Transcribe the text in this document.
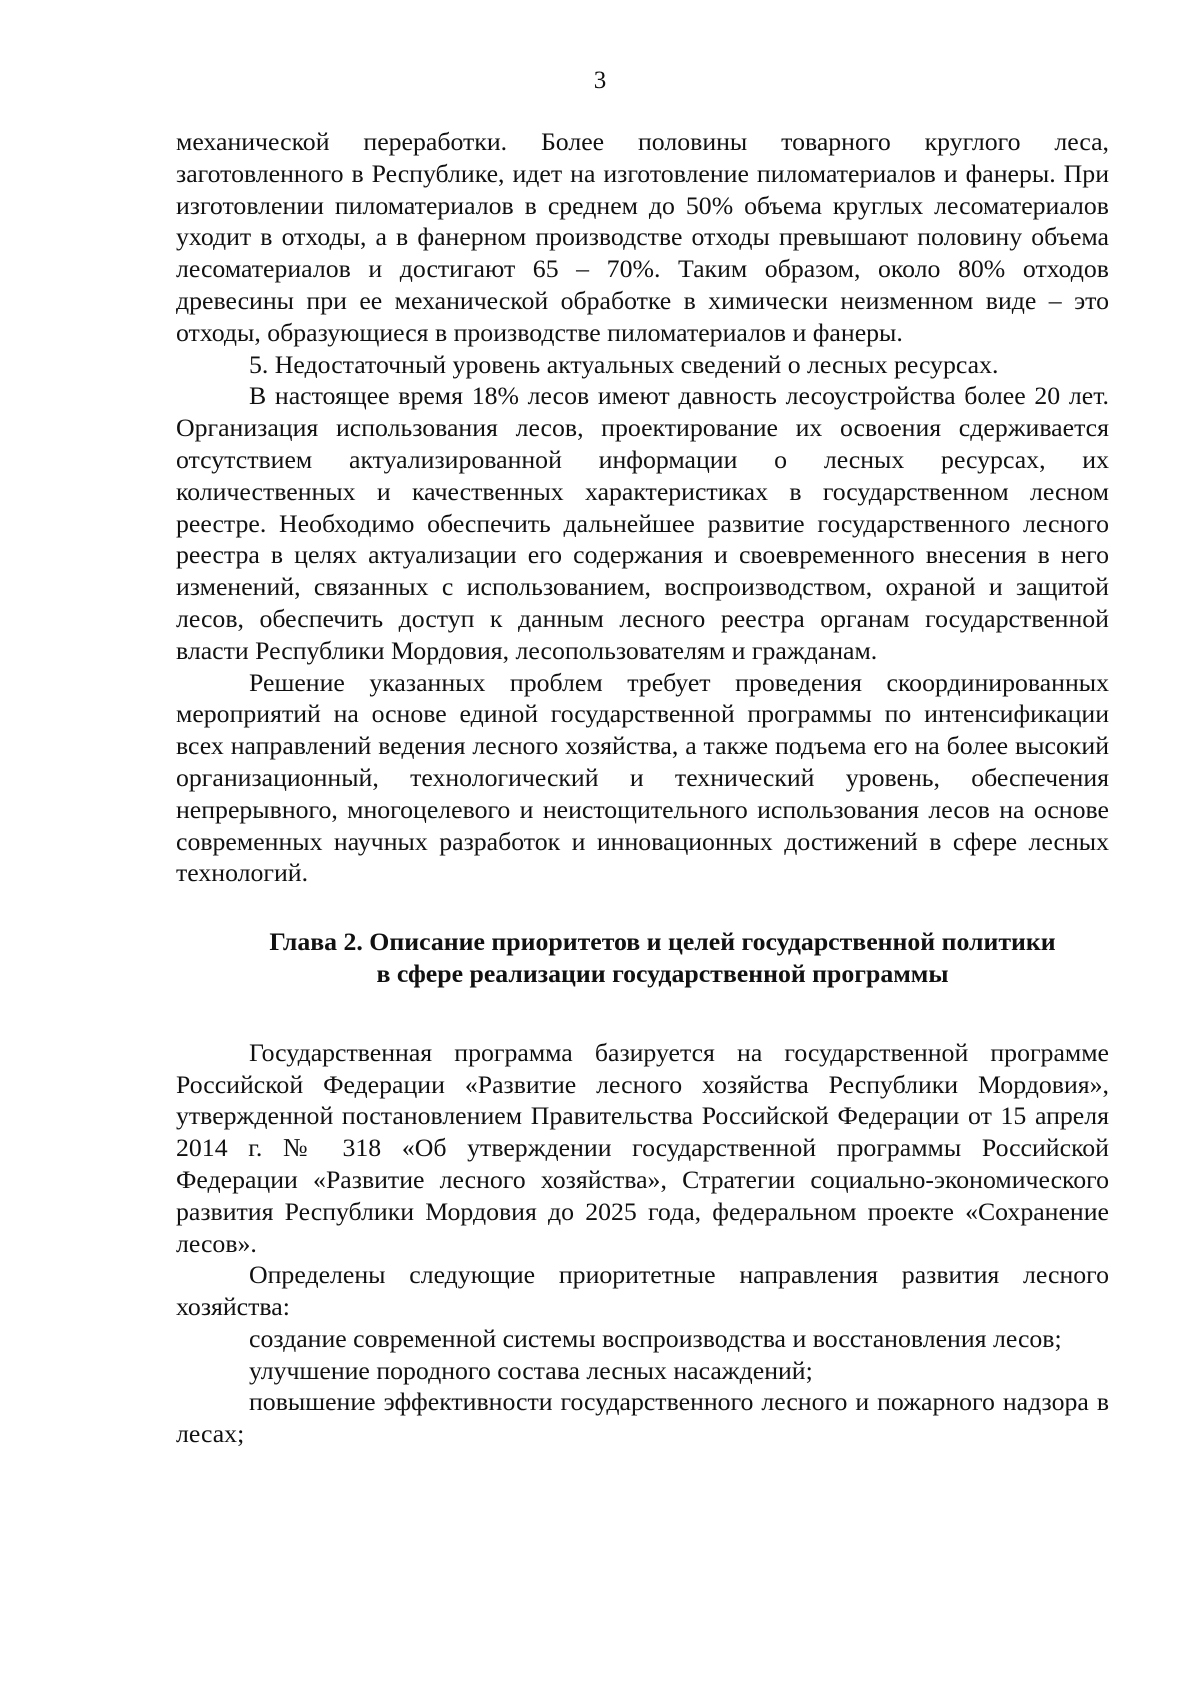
3

механической переработки. Более половины товарного круглого леса, заготовленного в Республике, идет на изготовление пиломатериалов и фанеры. При изготовлении пиломатериалов в среднем до 50% объема круглых лесоматериалов уходит в отходы, а в фанерном производстве отходы превышают половину объема лесоматериалов и достигают 65 – 70%. Таким образом, около 80% отходов древесины при ее механической обработке в химически неизменном виде – это отходы, образующиеся в производстве пиломатериалов и фанеры.

5. Недостаточный уровень актуальных сведений о лесных ресурсах.

В настоящее время 18% лесов имеют давность лесоустройства более 20 лет. Организация использования лесов, проектирование их освоения сдерживается отсутствием актуализированной информации о лесных ресурсах, их количественных и качественных характеристиках в государственном лесном реестре. Необходимо обеспечить дальнейшее развитие государственного лесного реестра в целях актуализации его содержания и своевременного внесения в него изменений, связанных с использованием, воспроизводством, охраной и защитой лесов, обеспечить доступ к данным лесного реестра органам государственной власти Республики Мордовия, лесопользователям и гражданам.

Решение указанных проблем требует проведения скоординированных мероприятий на основе единой государственной программы по интенсификации всех направлений ведения лесного хозяйства, а также подъема его на более высокий организационный, технологический и технический уровень, обеспечения непрерывного, многоцелевого и неистощительного использования лесов на основе современных научных разработок и инновационных достижений в сфере лесных технологий.

Глава 2. Описание приоритетов и целей государственной политики
в сфере реализации государственной программы

Государственная программа базируется на государственной программе Российской Федерации «Развитие лесного хозяйства Республики Мордовия», утвержденной постановлением Правительства Российской Федерации от 15 апреля 2014 г. № 318 «Об утверждении государственной программы Российской Федерации «Развитие лесного хозяйства», Стратегии социально-экономического развития Республики Мордовия до 2025 года, федеральном проекте «Сохранение лесов».

Определены следующие приоритетные направления развития лесного хозяйства:

создание современной системы воспроизводства и восстановления лесов;

улучшение породного состава лесных насаждений;

повышение эффективности государственного лесного и пожарного надзора в лесах;
